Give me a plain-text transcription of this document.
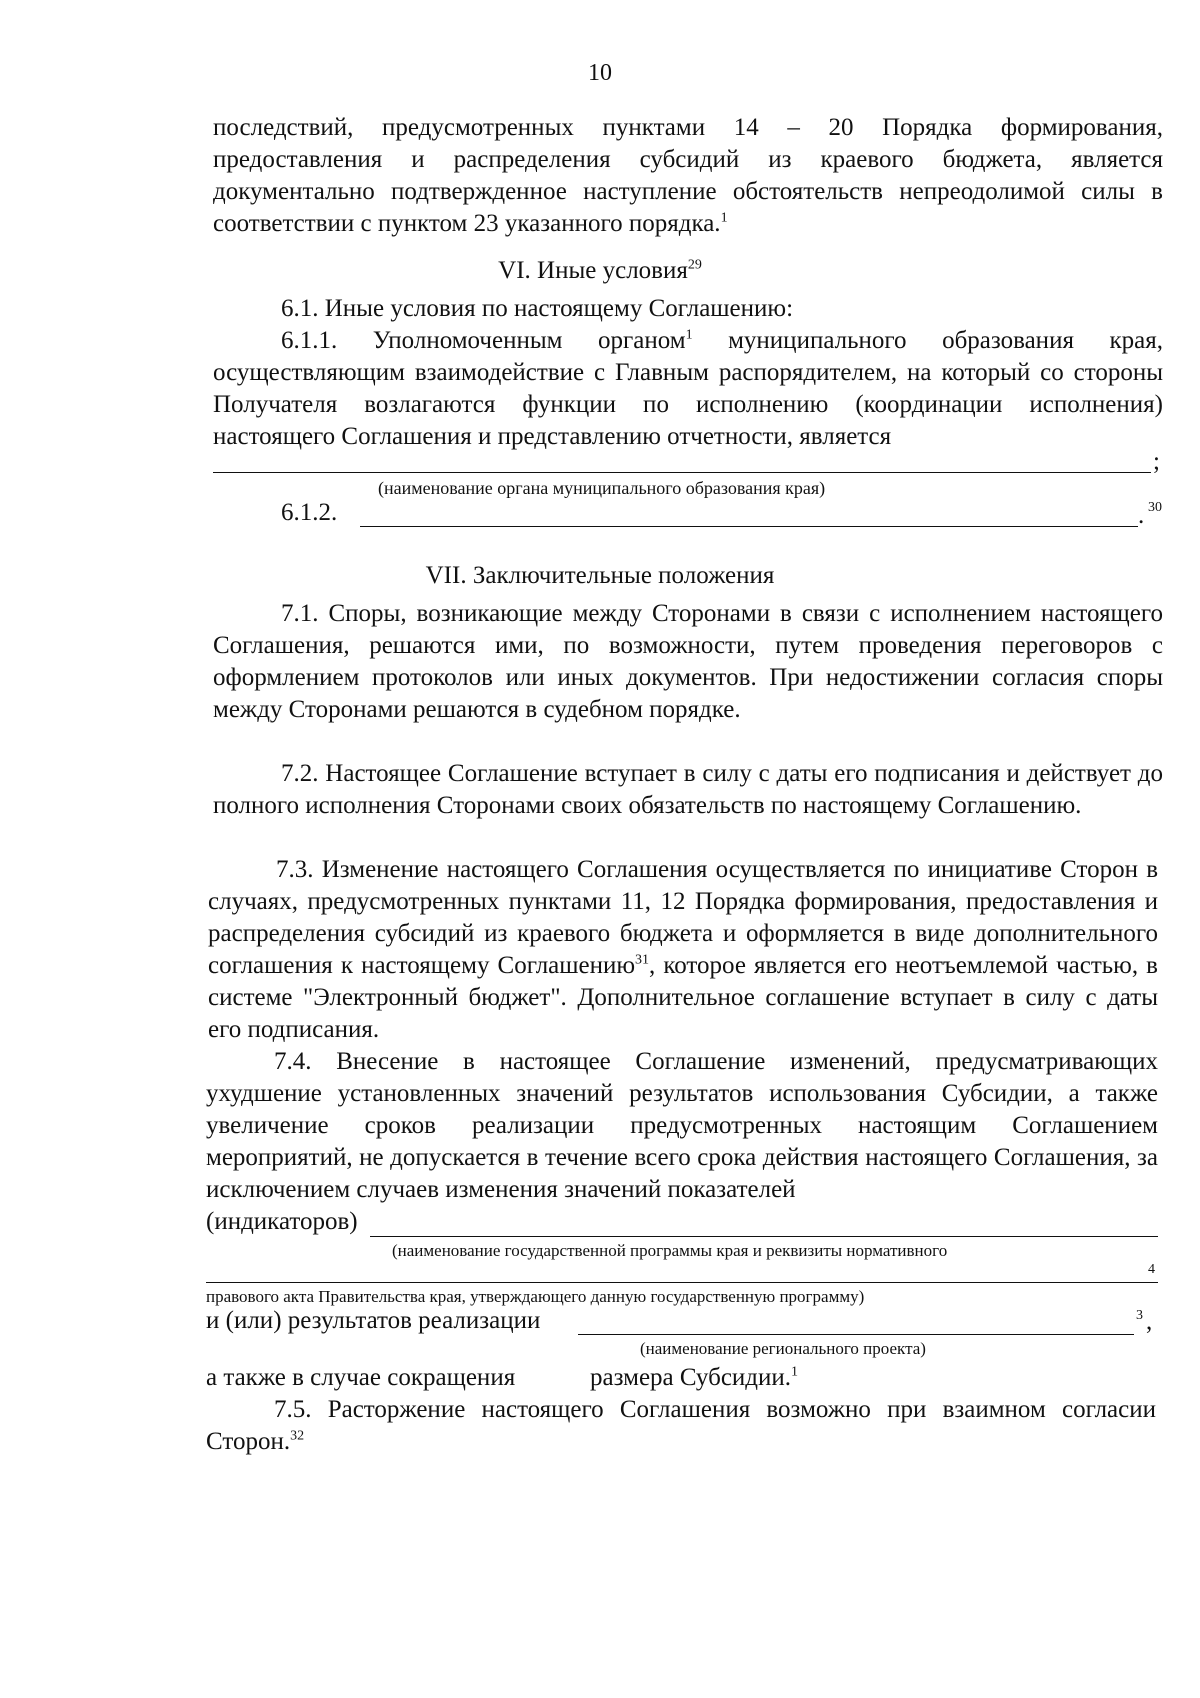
10

последствий, предусмотренных пунктами 14 – 20 Порядка формирования, предоставления и распределения субсидий из краевого бюджета, является документально подтвержденное наступление обстоятельств непреодолимой силы в соответствии с пунктом 23 указанного порядка.$^1$

VI. Иные условия$^{29}$

6.1. Иные условия по настоящему Соглашению:

6.1.1. Уполномоченным органом$^1$ муниципального образования края, осуществляющим взаимодействие с Главным распорядителем, на который со стороны Получателя возлагаются функции по исполнению (координации исполнения) настоящего Соглашения и представлению отчетности, является

;
(наименование органа муниципального образования края)
6.1.2.	. 30
VII. Заключительные положения

7.1. Споры, возникающие между Сторонами в связи с исполнением настоящего Соглашения, решаются ими, по возможности, путем проведения переговоров с оформлением протоколов или иных документов. При недостижении согласия споры между Сторонами решаются в судебном порядке.

7.2. Настоящее Соглашение вступает в силу с даты его подписания и действует до полного исполнения Сторонами своих обязательств по настоящему Соглашению.

7.3. Изменение настоящего Соглашения осуществляется по инициативе Сторон в случаях, предусмотренных пунктами 11, 12 Порядка формирования, предоставления и распределения субсидий из краевого бюджета и оформляется в виде дополнительного соглашения к настоящему Соглашению$^{31}$, которое является его неотъемлемой частью, в системе "Электронный бюджет". Дополнительное соглашение вступает в силу с даты его подписания.

7.4. Внесение в настоящее Соглашение изменений, предусматривающих ухудшение установленных значений результатов использования Субсидии, а также увеличение сроков реализации предусмотренных настоящим Соглашением мероприятий, не допускается в течение всего срока действия настоящего Соглашения, за исключением случаев изменения значений показателей

(индикаторов)
(наименование государственной программы края и реквизиты нормативного
4
правового акта Правительства края, утверждающего данную государственную программу)
и (или) результатов реализации	3 ,
(наименование регионального проекта)
а также в случае сокращения	размера Субсидии.$^1$

7.5. Расторжение настоящего Соглашения возможно при взаимном согласии Сторон.$^{32}$
